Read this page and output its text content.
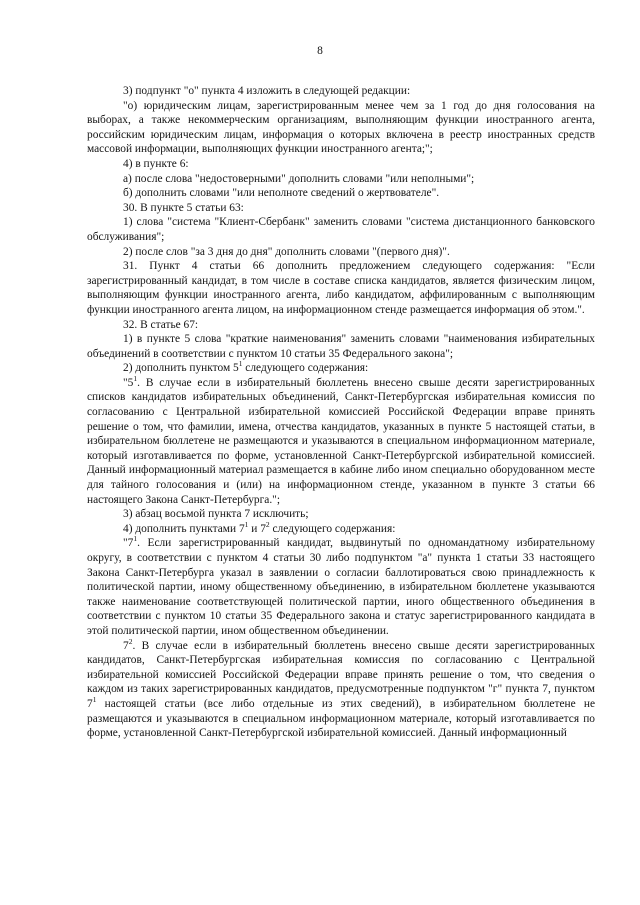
8

3) подпункт "о" пункта 4 изложить в следующей редакции:

"о) юридическим лицам, зарегистрированным менее чем за 1 год до дня голосования на выборах, а также некоммерческим организациям, выполняющим функции иностранного агента, российским юридическим лицам, информация о которых включена в реестр иностранных средств массовой информации, выполняющих функции иностранного агента;";

4) в пункте 6:

а) после слова "недостоверными" дополнить словами "или неполными";

б) дополнить словами "или неполноте сведений о жертвователе".

30. В пункте 5 статьи 63:

1) слова "система "Клиент-Сбербанк" заменить словами "система дистанционного банковского обслуживания";

2) после слов "за 3 дня до дня" дополнить словами "(первого дня)".

31. Пункт 4 статьи 66 дополнить предложением следующего содержания: "Если зарегистрированный кандидат, в том числе в составе списка кандидатов, является физическим лицом, выполняющим функции иностранного агента, либо кандидатом, аффилированным с выполняющим функции иностранного агента лицом, на информационном стенде размещается информация об этом.".

32. В статье 67:

1) в пункте 5 слова "краткие наименования" заменить словами "наименования избирательных объединений в соответствии с пунктом 10 статьи 35 Федерального закона";

2) дополнить пунктом $5^1$ следующего содержания:

"$5^1$. В случае если в избирательный бюллетень внесено свыше десяти зарегистрированных списков кандидатов избирательных объединений, Санкт-Петербургская избирательная комиссия по согласованию с Центральной избирательной комиссией Российской Федерации вправе принять решение о том, что фамилии, имена, отчества кандидатов, указанных в пункте 5 настоящей статьи, в избирательном бюллетене не размещаются и указываются в специальном информационном материале, который изготавливается по форме, установленной Санкт-Петербургской избирательной комиссией. Данный информационный материал размещается в кабине либо ином специально оборудованном месте для тайного голосования и (или) на информационном стенде, указанном в пункте 3 статьи 66 настоящего Закона Санкт-Петербурга.";

3) абзац восьмой пункта 7 исключить;

4) дополнить пунктами $7^1$ и $7^2$ следующего содержания:

"$7^1$. Если зарегистрированный кандидат, выдвинутый по одномандатному избирательному округу, в соответствии с пунктом 4 статьи 30 либо подпунктом "а" пункта 1 статьи 33 настоящего Закона Санкт-Петербурга указал в заявлении о согласии баллотироваться свою принадлежность к политической партии, иному общественному объединению, в избирательном бюллетене указываются также наименование соответствующей политической партии, иного общественного объединения в соответствии с пунктом 10 статьи 35 Федерального закона и статус зарегистрированного кандидата в этой политической партии, ином общественном объединении.

$7^2$. В случае если в избирательный бюллетень внесено свыше десяти зарегистрированных кандидатов, Санкт-Петербургская избирательная комиссия по согласованию с Центральной избирательной комиссией Российской Федерации вправе принять решение о том, что сведения о каждом из таких зарегистрированных кандидатов, предусмотренные подпунктом "г" пункта 7, пунктом $7^1$ настоящей статьи (все либо отдельные из этих сведений), в избирательном бюллетене не размещаются и указываются в специальном информационном материале, который изготавливается по форме, установленной Санкт-Петербургской избирательной комиссией. Данный информационный
